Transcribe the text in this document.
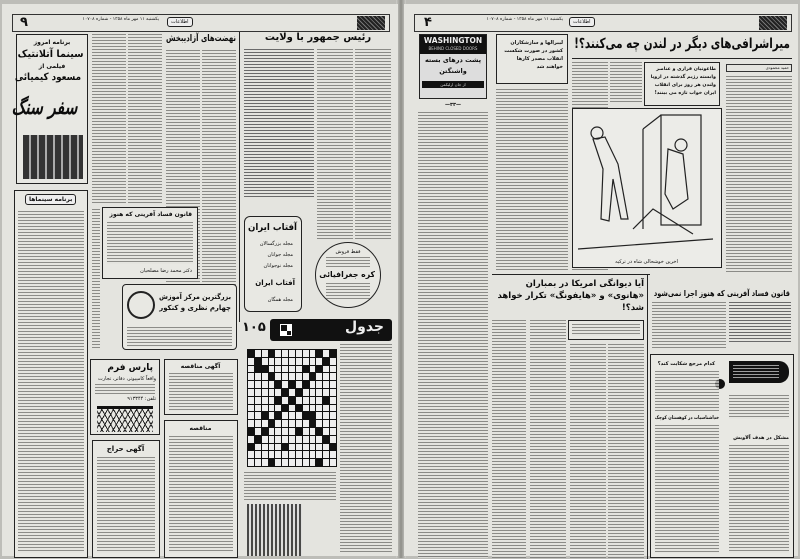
۹	یکشنبه ۱۱ مهر ماه ۱۳۵۸ - شماره ۱۰۷۰۸	اطلاعات
برنامه امروز
سینما آتلانتیک
فیلمی از
مسعود کیمیائی
سفر سنگ
برنامه سینماها
نهضت‌های آزادیبخش	رئیس جمهور با ولایت
قانون فساد آفرینی که هنوز
دکتر محمد رضا مصلحیان
بزرگترین مرکز آموزش
چهارم نظری و کنکور
آفتاب ایران
مجله بزرگسالان
مجله جوانان
مجله نوجوانان
آفتاب ایران
مجله همگان
فقط فروش
کره جغرافیائی
۱۰۵	جدول
پارس فرم
واقعاً کامپیوتر، دفاتر، تجارت
تلفن: ۹۱۳۳۴۴
آگهی مناقصه
مناقصه
آگهی حراج
۴	یکشنبه ۱۱ مهر ماه ۱۳۵۸ - شماره ۱۰۷۰۸	اطلاعات
میراشرافی‌های دیگر در لندن چه می‌کنند؟!
WASHINGTON
BEHIND CLOSED DOORS
پشت درهای بسته
واشنگتن
از جان ارلیکمن
—۳۳—
لیبرالها و سازشکاران کشور در صورت شکست انقلاب مصدر کارها خواهند شد	طاغوتیان فراری و عناصر وابسته رژیم گذشته در اروپا ولندن هر روز برای انقلاب ایران خواب تازه می بینند!
حمید محمودی
اخرین خوشحالی شاه در ترکیه
آیا دیوانگی امریکا در بمباران «هانوی» و «هایفونگ» تکرار خواهد شد؟!
قانون فساد آفرینی که هنوز اجرا نمی‌شود
کدام مرجع شکایت کند؟
خداشناسیات در کوهستان کوچک
مشکل در هدف آلاویش
